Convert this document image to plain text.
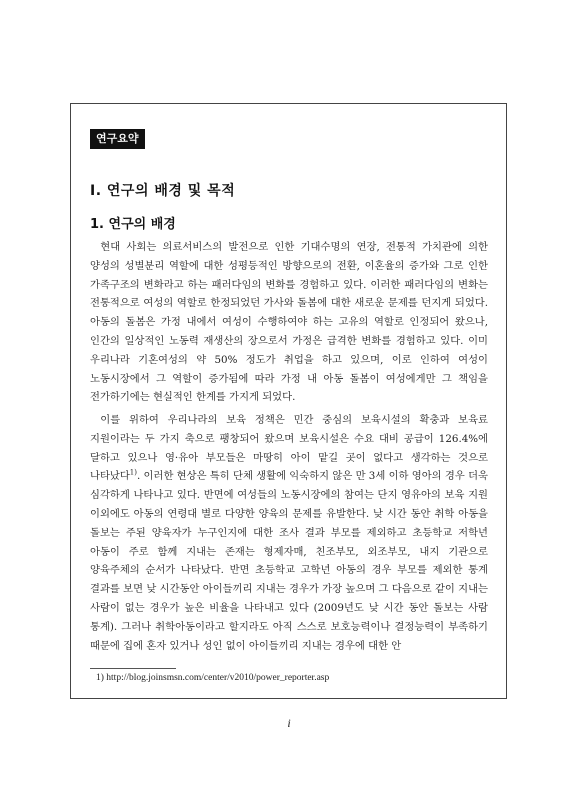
연구요약
Ⅰ. 연구의 배경 및 목적
1. 연구의 배경

현대 사회는 의료서비스의 발전으로 인한 기대수명의 연장, 전통적 가치관에 의한 양성의 성별분리 역할에 대한 성평등적인 방향으로의 전환, 이혼율의 증가와 그로 인한 가족구조의 변화라고 하는 패러다임의 변화를 경험하고 있다. 이러한 패러다임의 변화는 전통적으로 여성의 역할로 한정되었던 가사와 돌봄에 대한 새로운 문제를 던지게 되었다. 아동의 돌봄은 가정 내에서 여성이 수행하여야 하는 고유의 역할로 인정되어 왔으나, 인간의 일상적인 노동력 재생산의 장으로서 가정은 급격한 변화를 경험하고 있다. 이미 우리나라 기혼여성의 약 50% 정도가 취업을 하고 있으며, 이로 인하여 여성이 노동시장에서 그 역할이 증가됨에 따라 가정 내 아동 돌봄이 여성에게만 그 책임을 전가하기에는 현실적인 한계를 가지게 되었다.

이를 위하여 우리나라의 보육 정책은 민간 중심의 보육시설의 확충과 보육료 지원이라는 두 가지 축으로 팽창되어 왔으며 보육시설은 수요 대비 공급이 126.4%에 달하고 있으나 영·유아 부모들은 마땅히 아이 맡길 곳이 없다고 생각하는 것으로 나타났다$^{1)}$. 이러한 현상은 특히 단체 생활에 익숙하지 않은 만 3세 이하 영아의 경우 더욱 심각하게 나타나고 있다. 반면에 여성들의 노동시장에의 참여는 단지 영유아의 보육 지원 이외에도 아동의 연령대 별로 다양한 양육의 문제를 유발한다. 낮 시간 동안 취학 아동을 돌보는 주된 양육자가 누구인지에 대한 조사 결과 부모를 제외하고 초등학교 저학년 아동이 주로 함께 지내는 존재는 형제자매, 친조부모, 외조부모, 내지 기관으로 양육주체의 순서가 나타났다. 반면 초등학교 고학년 아동의 경우 부모를 제외한 통계 결과를 보면 낮 시간동안 아이들끼리 지내는 경우가 가장 높으며 그 다음으로 같이 지내는 사람이 없는 경우가 높은 비율을 나타내고 있다 (2009년도 낮 시간 동안 돌보는 사람 통계). 그러나 취학아동이라고 할지라도 아직 스스로 보호능력이나 결정능력이 부족하기 때문에 집에 혼자 있거나 성인 없이 아이들끼리 지내는 경우에 대한 안

1) http://blog.joinsmsn.com/center/v2010/power_reporter.asp
i
